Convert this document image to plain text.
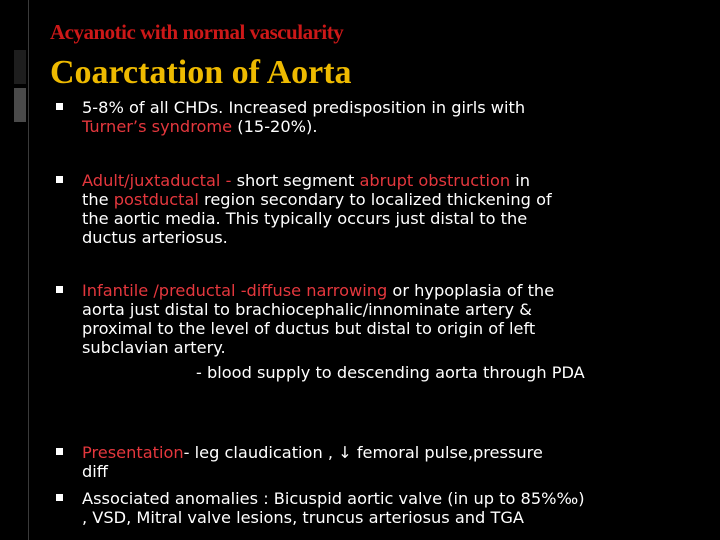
Acyanotic with normal vascularity
Coarctation of Aorta
5-8% of all CHDs. Increased predisposition in girls with
Turner’s syndrome (15-20%).
Adult/juxtaductal - short segment abrupt obstruction in
the postductal region secondary to localized thickening of
the aortic media. This typically occurs just distal to the
ductus arteriosus.
Infantile /preductal -diffuse narrowing or hypoplasia of the
aorta just distal to brachiocephalic/innominate artery &
proximal to the level of ductus but distal to origin of left
subclavian artery.
- blood supply to descending aorta through PDA
Presentation- leg claudication , ↓ femoral pulse,pressure
diff
Associated anomalies : Bicuspid aortic valve (in up to 85%‰)
, VSD, Mitral valve lesions, truncus arteriosus and TGA
